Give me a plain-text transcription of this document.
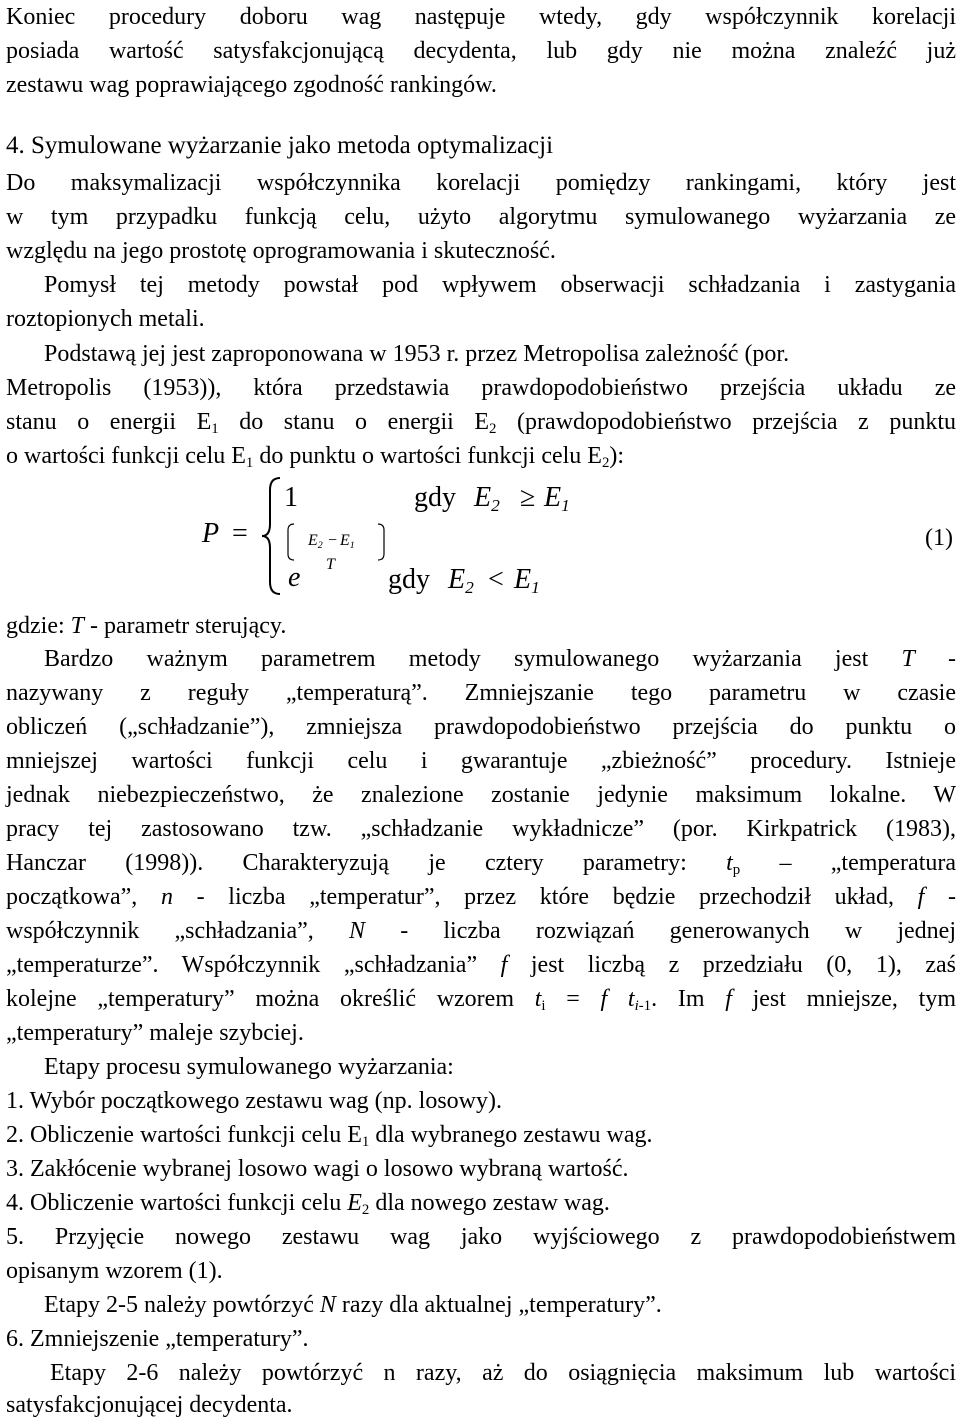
Koniec procedury doboru wag następuje wtedy, gdy współczynnik korelacji
posiada wartość satysfakcjonującą decydenta, lub gdy nie można znaleźć już
zestawu wag poprawiającego zgodność rankingów.
4. Symulowane wyżarzanie jako metoda optymalizacji
Do maksymalizacji współczynnika korelacji pomiędzy rankingami, który jest
w tym przypadku funkcją celu, użyto algorytmu symulowanego wyżarzania ze
względu na jego prostotę oprogramowania i skuteczność.
Pomysł tej metody powstał pod wpływem obserwacji schładzania i zastygania
roztopionych metali.
Podstawą jej jest zaproponowana w 1953 r. przez Metropolisa zależność (por.
Metropolis (1953)), która przedstawia prawdopodobieństwo przejścia układu ze
stanu o energii $E_1$ do stanu o energii $E_2$ (prawdopodobieństwo przejścia z punktu
o wartości funkcji celu $E_1$ do punktu o wartości funkcji celu $E_2$):
P =
1	gdy $E_2 \ge E_1$
$E_2 - E_1$
T
e	gdy $E_2 < E_1$
(1)
gdzie: T - parametr sterujący.
Bardzo ważnym parametrem metody symulowanego wyżarzania jest T -
nazywany z reguły „temperaturą”. Zmniejszanie tego parametru w czasie
obliczeń („schładzanie”), zmniejsza prawdopodobieństwo przejścia do punktu o
mniejszej wartości funkcji celu i gwarantuje „zbieżność” procedury. Istnieje
jednak niebezpieczeństwo, że znalezione zostanie jedynie maksimum lokalne. W
pracy tej zastosowano tzw. „schładzanie wykładnicze” (por. Kirkpatrick (1983),
Hanczar (1998)). Charakteryzują je cztery parametry: $t_p$ – „temperatura
początkowa”, n - liczba „temperatur”, przez które będzie przechodził układ, f -
współczynnik „schładzania”, N - liczba rozwiązań generowanych w jednej
„temperaturze”. Współczynnik „schładzania” f jest liczbą z przedziału (0, 1), zaś
kolejne „temperatury” można określić wzorem $t_i = f$ $t_{i-1}$. Im f jest mniejsze, tym
„temperatury” maleje szybciej.
Etapy procesu symulowanego wyżarzania:
1. Wybór początkowego zestawu wag (np. losowy).
2. Obliczenie wartości funkcji celu $E_1$ dla wybranego zestawu wag.
3. Zakłócenie wybranej losowo wagi o losowo wybraną wartość.
4. Obliczenie wartości funkcji celu $E_2$ dla nowego zestaw wag.
5. Przyjęcie nowego zestawu wag jako wyjściowego z prawdopodobieństwem
opisanym wzorem (1).
Etapy 2-5 należy powtórzyć N razy dla aktualnej „temperatury”.
6. Zmniejszenie „temperatury”.
Etapy 2-6 należy powtórzyć n razy, aż do osiągnięcia maksimum lub wartości
satysfakcjonującej decydenta.
